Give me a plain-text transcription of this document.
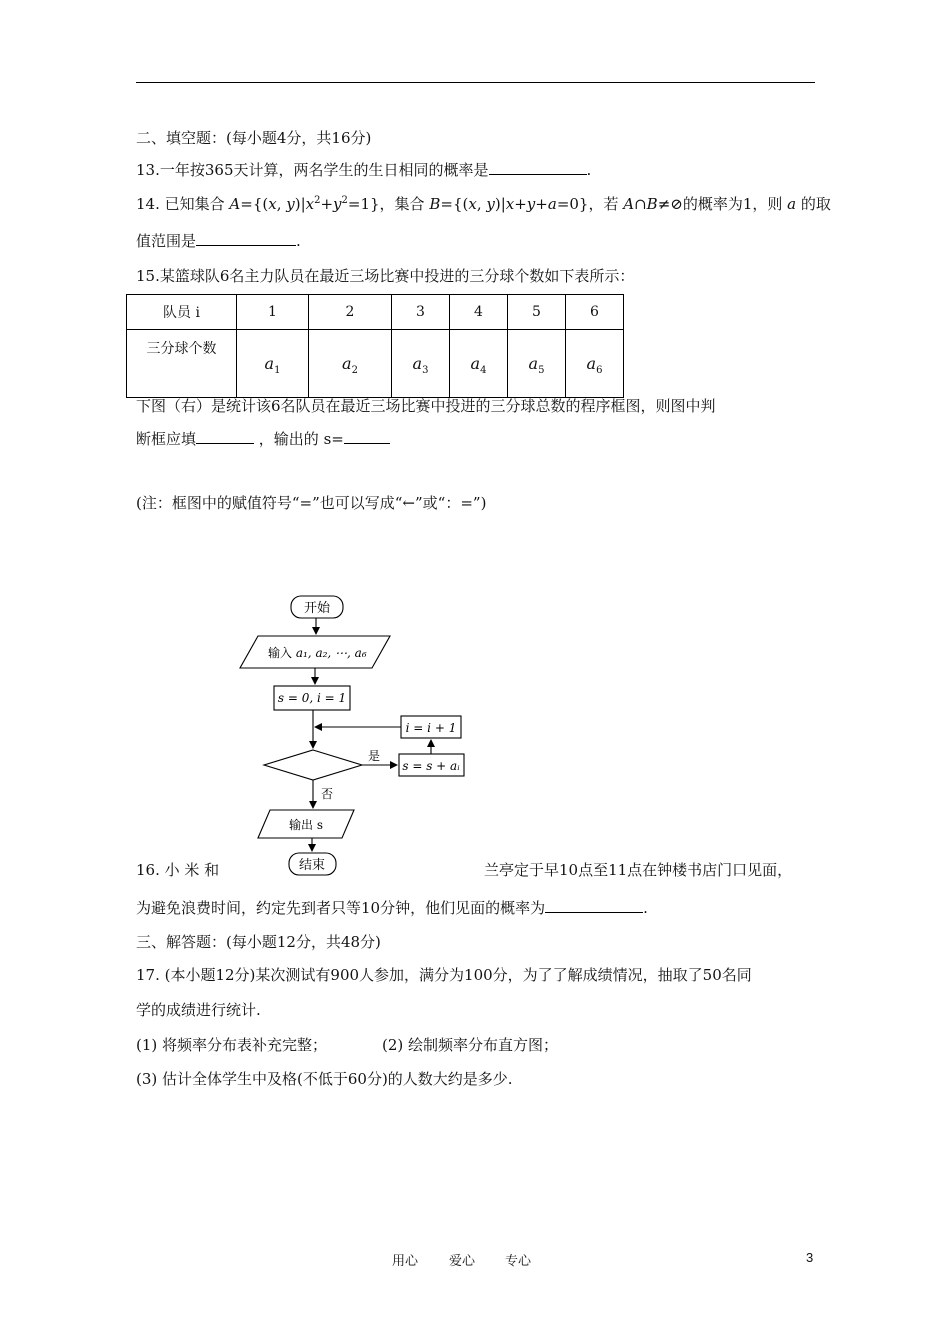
二、填空题：(每小题4分，共16分)
13.一年按365天计算，两名学生的生日相同的概率是	.
14. 已知集合 A={(x, $y)|x^2+y^2=1$}，集合 B={(x, y)|x+y+a=0}，若 A∩B≠⊘的概率为1，则 a 的取
值范围是	.
15.某篮球队6名主力队员在最近三场比赛中投进的三分球个数如下表所示：
队员 i	1	2	3	4	5	6
三分球个数	$a_1$	$a_2$	$a_3$	$a_4$	$a_5$	$a_6$
下图（右）是统计该6名队员在最近三场比赛中投进的三分球总数的程序框图，则图中判
断框应填	，输出的 s=
(注：框图中的赋值符号“=”也可以写成“←”或“：=”)
开始
输入 a₁, a₂, ⋯, a₆
s = 0, i = 1
i = i + 1
s = s + aᵢ
是
否
输出 s
结束
16. 小 米 和	兰亭定于早10点至11点在钟楼书店门口见面，
为避免浪费时间，约定先到者只等10分钟，他们见面的概率为	.
三、解答题：(每小题12分，共48分)
17. (本小题12分)某次测试有900人参加，满分为100分，为了了解成绩情况，抽取了50名同
学的成绩进行统计.
(1) 将频率分布表补充完整；	(2) 绘制频率分布直方图；
(3) 估计全体学生中及格(不低于60分)的人数大约是多少.
用心 爱心 专心	3
